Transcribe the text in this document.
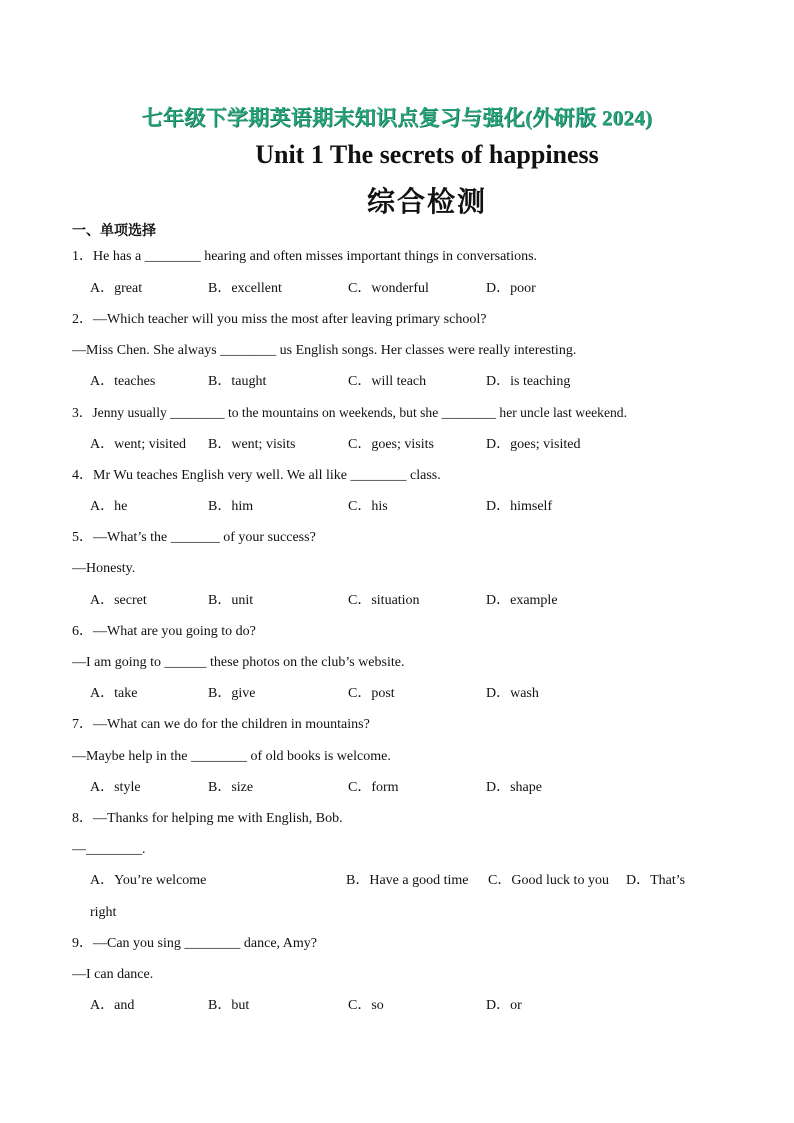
七年级下学期英语期末知识点复习与强化(外研版 2024)
Unit 1 The secrets of happiness
综合检测
一、单项选择
1．He has a ________ hearing and often misses important things in conversations.
A．great	B．excellent	C．wonderful	D．poor
2．—Which teacher will you miss the most after leaving primary school?
—Miss Chen. She always ________ us English songs. Her classes were really interesting.
A．teaches	B．taught	C．will teach	D．is teaching
3．Jenny usually ________ to the mountains on weekends, but she ________ her uncle last weekend.
A．went; visited B．went; visits	C．goes; visits	D．goes; visited
4．Mr Wu teaches English very well. We all like ________ class.
A．he	B．him	C．his	D．himself
5．—What’s the _______ of your success?
—Honesty.
A．secret	B．unit	C．situation	D．example
6．—What are you going to do?
—I am going to ______ these photos on the club’s website.
A．take	B．give	C．post	D．wash
7．—What can we do for the children in mountains?
—Maybe help in the ________ of old books is welcome.
A．style	B．size	C．form	D．shape
8．—Thanks for helping me with English, Bob.
—________.
A．You’re welcome	B．Have a good time C．Good luck to you D．That’s
right
9．—Can you sing ________ dance, Amy?
—I can dance.
A．and	B．but	C．so	D．or
